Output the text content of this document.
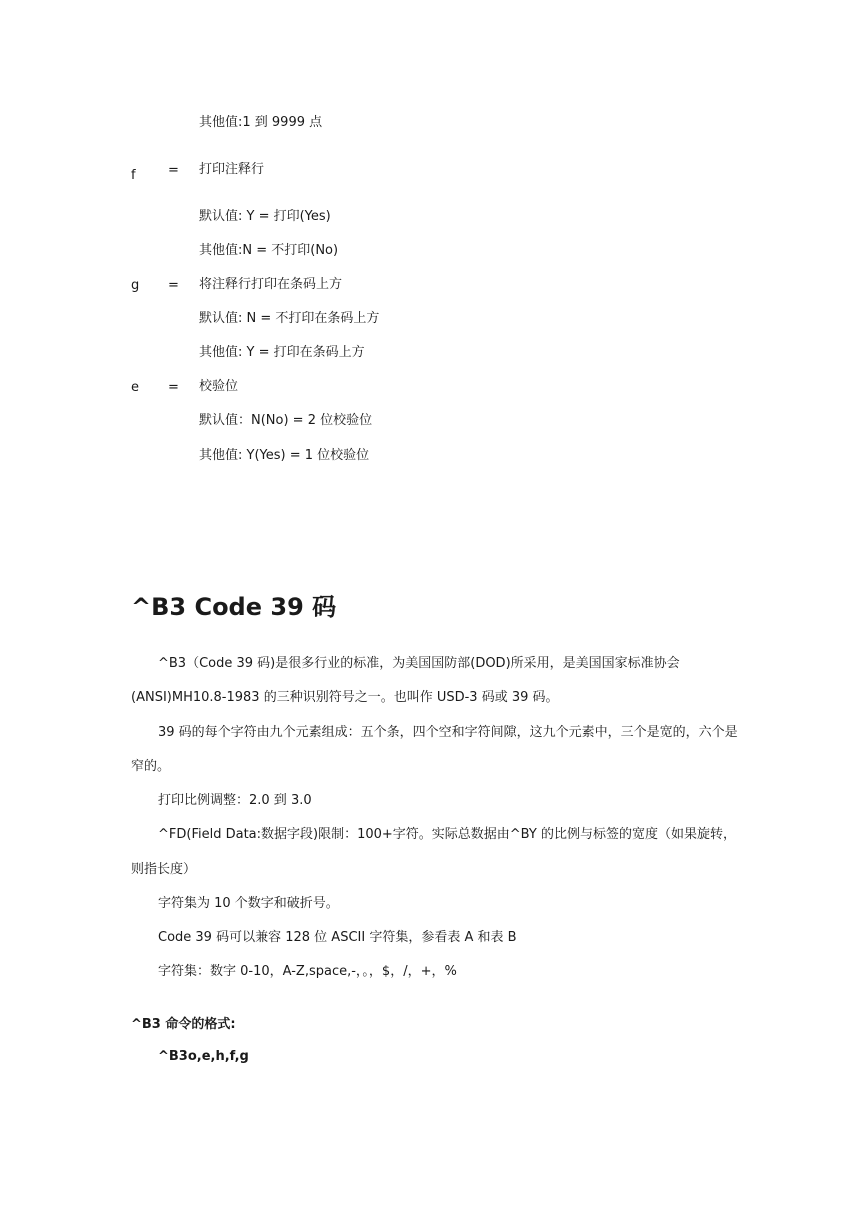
其他值:1 到 9999 点
f = 打印注释行
默认值: Y = 打印(Yes)
其他值:N = 不打印(No)
g = 将注释行打印在条码上方
默认值: N = 不打印在条码上方
其他值: Y = 打印在条码上方
e = 校验位
默认值：N(No) = 2 位校验位
其他值: Y(Yes) = 1 位校验位
^B3 Code 39 码
^B3（Code 39 码)是很多行业的标准，为美国国防部(DOD)所采用，是美国国家标准协会
(ANSI)MH10.8-1983 的三种识别符号之一。也叫作 USD-3 码或 39 码。
39 码的每个字符由九个元素组成：五个条，四个空和字符间隙，这九个元素中，三个是宽的，六个是
窄的。
打印比例调整：2.0 到 3.0
^FD(Field Data:数据字段)限制：100+字符。实际总数据由^BY 的比例与标签的宽度（如果旋转，
则指长度）
字符集为 10 个数字和破折号。
Code 39 码可以兼容 128 位 ASCII 字符集，参看表 A 和表 B
字符集：数字 0-10，A-Z,space,-，。，$，/，+，%
^B3 命令的格式:
^B3o,e,h,f,g
